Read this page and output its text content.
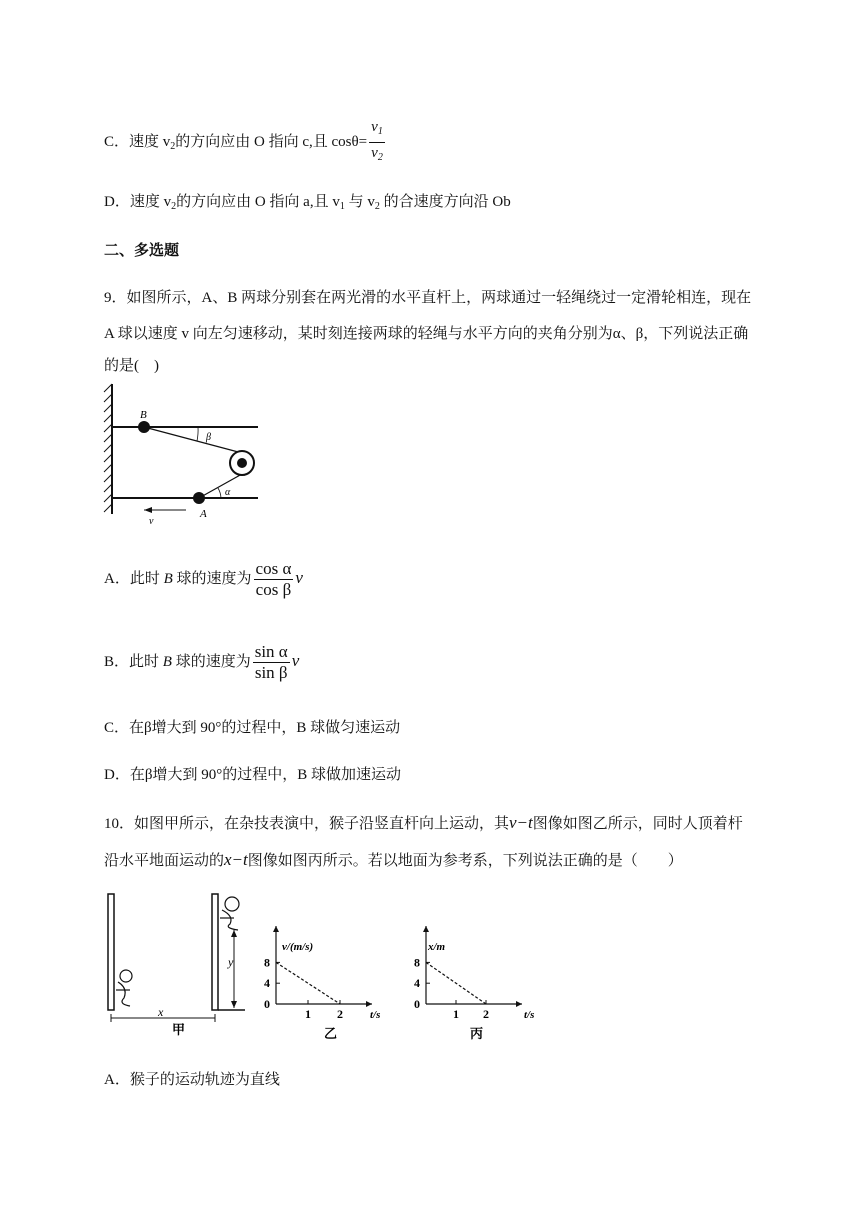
C．速度 $v_2$的方向应由 O 指向 c,且 $\cos\theta= \frac{v_1}{v_2}$
D．速度 $v_2$的方向应由 O 指向 a,且 $v_1$ 与 $v_2$ 的合速度方向沿 Ob
二、多选题
9．如图所示，A、B 两球分别套在两光滑的水平直杆上，两球通过一轻绳绕过一定滑轮相连，现在
A 球以速度 v 向左匀速移动，某时刻连接两球的轻绳与水平方向的夹角分别为α、β，下列说法正确
的是(　)
B
β
α
A
v
A．此时 B 球的速度为 $\frac{\text{cos α}}{\text{cos β}}$ v
B．此时 B 球的速度为 $\frac{\text{sin α}}{\text{sin β}}$ v
C．在β增大到 90°的过程中，B 球做匀速运动
D．在β增大到 90°的过程中，B 球做加速运动
10．如图甲所示，在杂技表演中，猴子沿竖直杆向上运动，其v−t图像如图乙所示，同时人顶着杆
沿水平地面运动的x−t图像如图丙所示。若以地面为参考系，下列说法正确的是（　　）
y
x
甲
v/(m/s)
t/s
乙
8
4
0
1 2
x/m
t/s
丙
8
4
0
1 2
A．猴子的运动轨迹为直线
